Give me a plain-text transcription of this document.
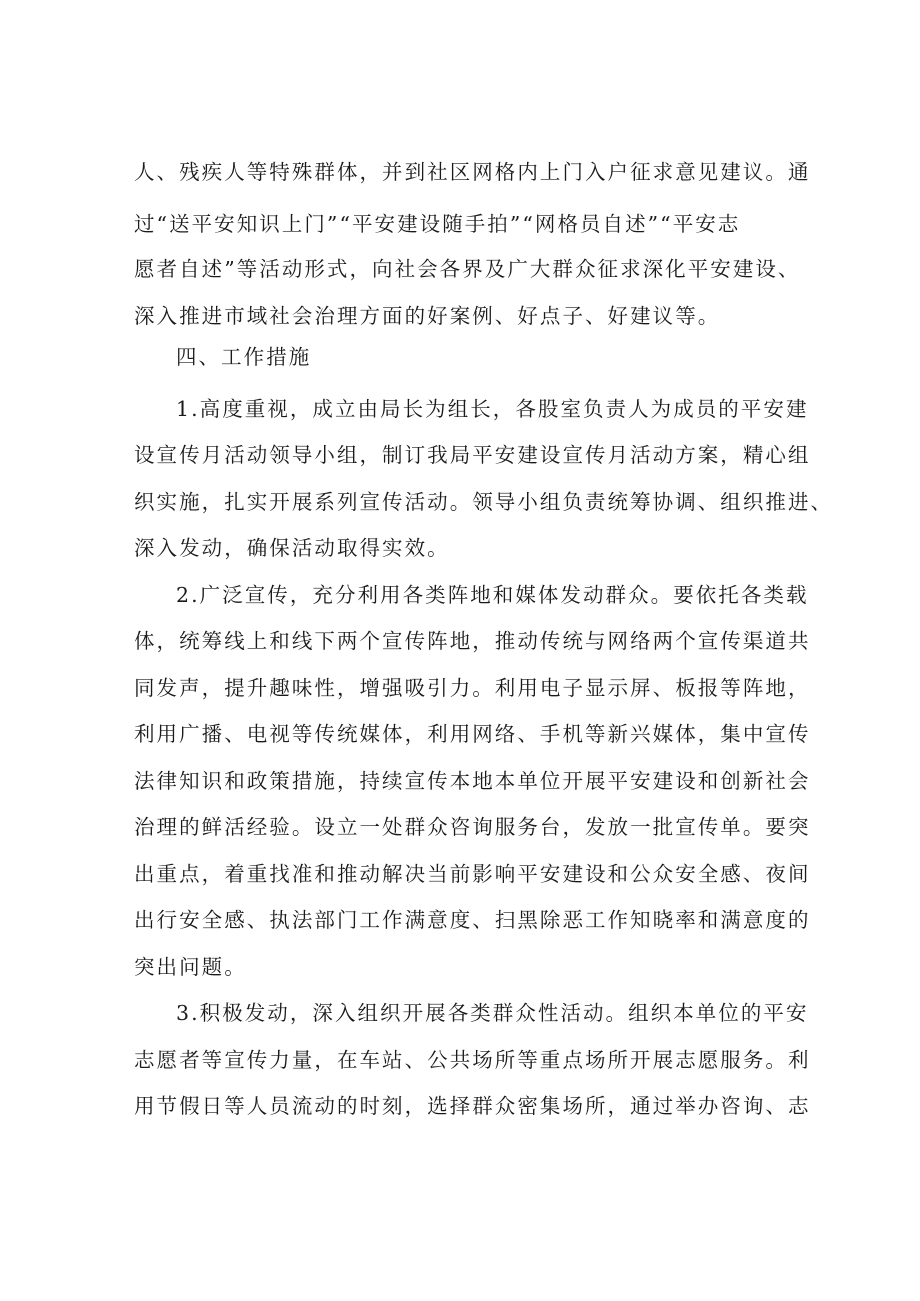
人、残疾人等特殊群体，并到社区网格内上门入户征求意见建议。通
过“送平安知识上门”“平安建设随手拍”“网格员自述”“平安志
愿者自述”等活动形式，向社会各界及广大群众征求深化平安建设、
深入推进市域社会治理方面的好案例、好点子、好建议等。
四、工作措施
1.高度重视，成立由局长为组长，各股室负责人为成员的平安建
设宣传月活动领导小组，制订我局平安建设宣传月活动方案，精心组
织实施，扎实开展系列宣传活动。领导小组负责统筹协调、组织推进、
深入发动，确保活动取得实效。
2.广泛宣传，充分利用各类阵地和媒体发动群众。要依托各类载
体，统筹线上和线下两个宣传阵地，推动传统与网络两个宣传渠道共
同发声，提升趣味性，增强吸引力。利用电子显示屏、板报等阵地，
利用广播、电视等传统媒体，利用网络、手机等新兴媒体，集中宣传
法律知识和政策措施，持续宣传本地本单位开展平安建设和创新社会
治理的鲜活经验。设立一处群众咨询服务台，发放一批宣传单。要突
出重点，着重找准和推动解决当前影响平安建设和公众安全感、夜间
出行安全感、执法部门工作满意度、扫黑除恶工作知晓率和满意度的
突出问题。
3.积极发动，深入组织开展各类群众性活动。组织本单位的平安
志愿者等宣传力量，在车站、公共场所等重点场所开展志愿服务。利
用节假日等人员流动的时刻，选择群众密集场所，通过举办咨询、志
